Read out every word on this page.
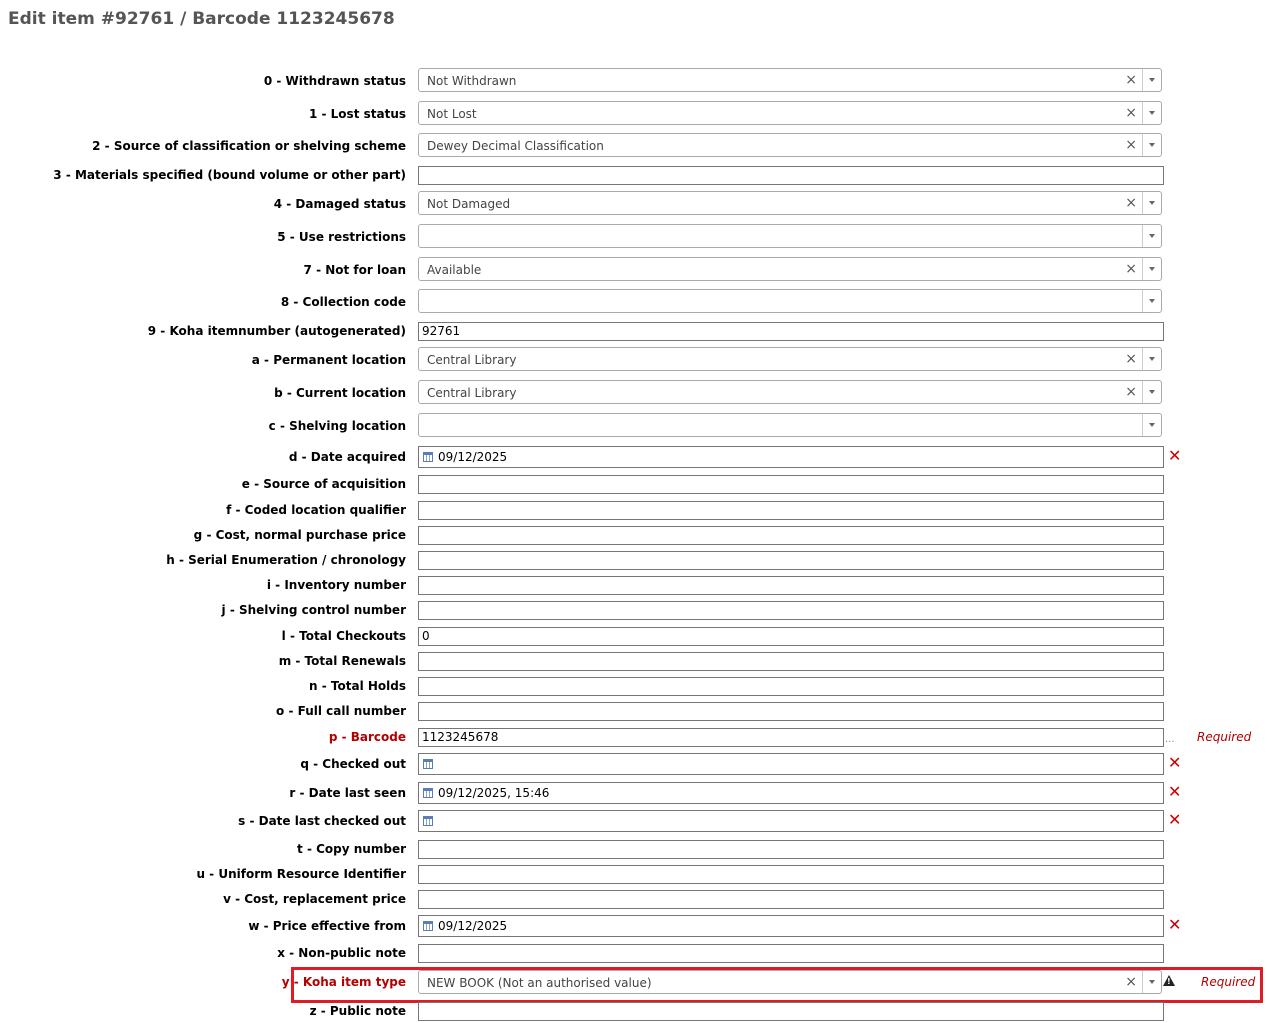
Edit item #92761 / Barcode 1123245678
0 - Withdrawn status Not Withdrawn	×
1 - Lost status Not Lost	×
2 - Source of classification or shelving scheme Dewey Decimal Classification	×
3 - Materials specified (bound volume or other part)
4 - Damaged status Not Damaged	×
5 - Use restrictions
7 - Not for loan Available	×
8 - Collection code
9 - Koha itemnumber (autogenerated)	92761
a - Permanent location Central Library	×
b - Current location Central Library	×
c - Shelving location
d - Date acquired	09/12/2025	✕
e - Source of acquisition
f - Coded location qualifier
g - Cost, normal purchase price
h - Serial Enumeration / chronology
i - Inventory number
j - Shelving control number
l - Total Checkouts	0
m - Total Renewals
n - Total Holds
o - Full call number
p - Barcode	1123245678	... Required
q - Checked out	✕
r - Date last seen	09/12/2025, 15:46	✕
s - Date last checked out	✕
t - Copy number
u - Uniform Resource Identifier
v - Cost, replacement price
w - Price effective from	09/12/2025	✕
x - Non-public note
y - Koha item type NEW BOOK (Not an authorised value)	×
!	Required
z - Public note
